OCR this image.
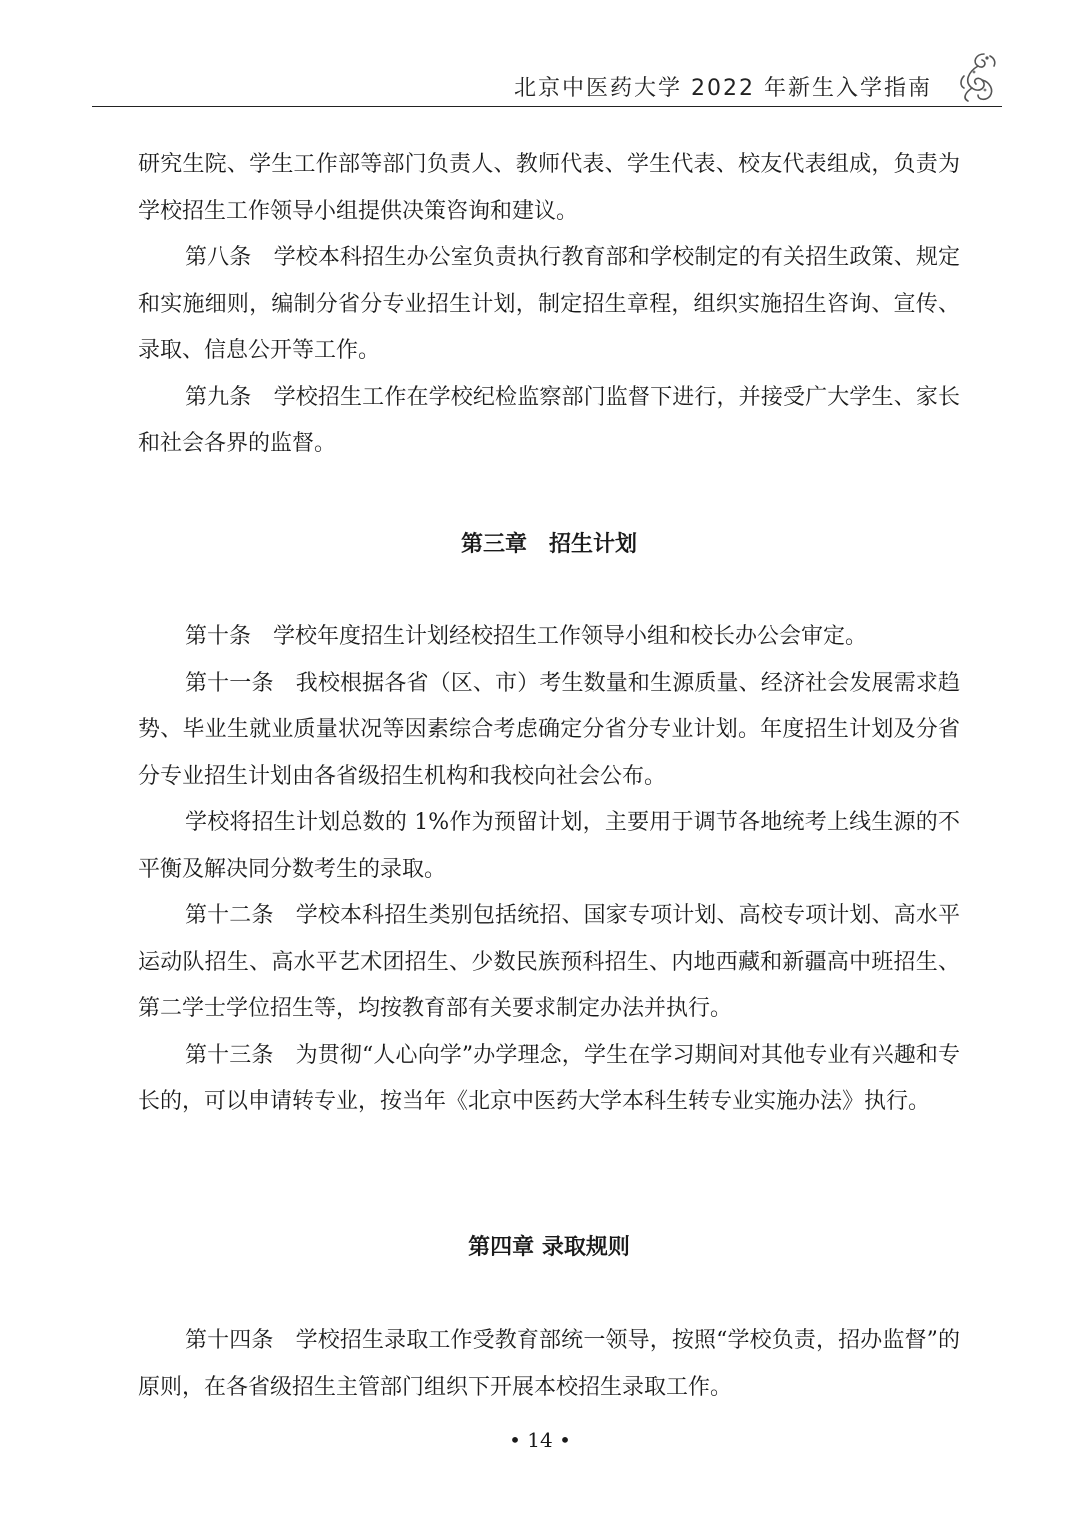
北京中医药大学 2022 年新生入学指南

研究生院、学生工作部等部门负责人、教师代表、学生代表、校友代表组成，负责为学校招生工作领导小组提供决策咨询和建议。

第八条　学校本科招生办公室负责执行教育部和学校制定的有关招生政策、规定和实施细则，编制分省分专业招生计划，制定招生章程，组织实施招生咨询、宣传、录取、信息公开等工作。

第九条　学校招生工作在学校纪检监察部门监督下进行，并接受广大学生、家长和社会各界的监督。

第三章　招生计划

第十条　学校年度招生计划经校招生工作领导小组和校长办公会审定。

第十一条　我校根据各省（区、市）考生数量和生源质量、经济社会发展需求趋势、毕业生就业质量状况等因素综合考虑确定分省分专业计划。年度招生计划及分省分专业招生计划由各省级招生机构和我校向社会公布。

学校将招生计划总数的 1%作为预留计划，主要用于调节各地统考上线生源的不平衡及解决同分数考生的录取。

第十二条　学校本科招生类别包括统招、国家专项计划、高校专项计划、高水平运动队招生、高水平艺术团招生、少数民族预科招生、内地西藏和新疆高中班招生、第二学士学位招生等，均按教育部有关要求制定办法并执行。

第十三条　为贯彻“人心向学”办学理念，学生在学习期间对其他专业有兴趣和专长的，可以申请转专业，按当年《北京中医药大学本科生转专业实施办法》执行。

第四章 录取规则

第十四条　学校招生录取工作受教育部统一领导，按照“学校负责，招办监督”的原则，在各省级招生主管部门组织下开展本校招生录取工作。

• 14 •
